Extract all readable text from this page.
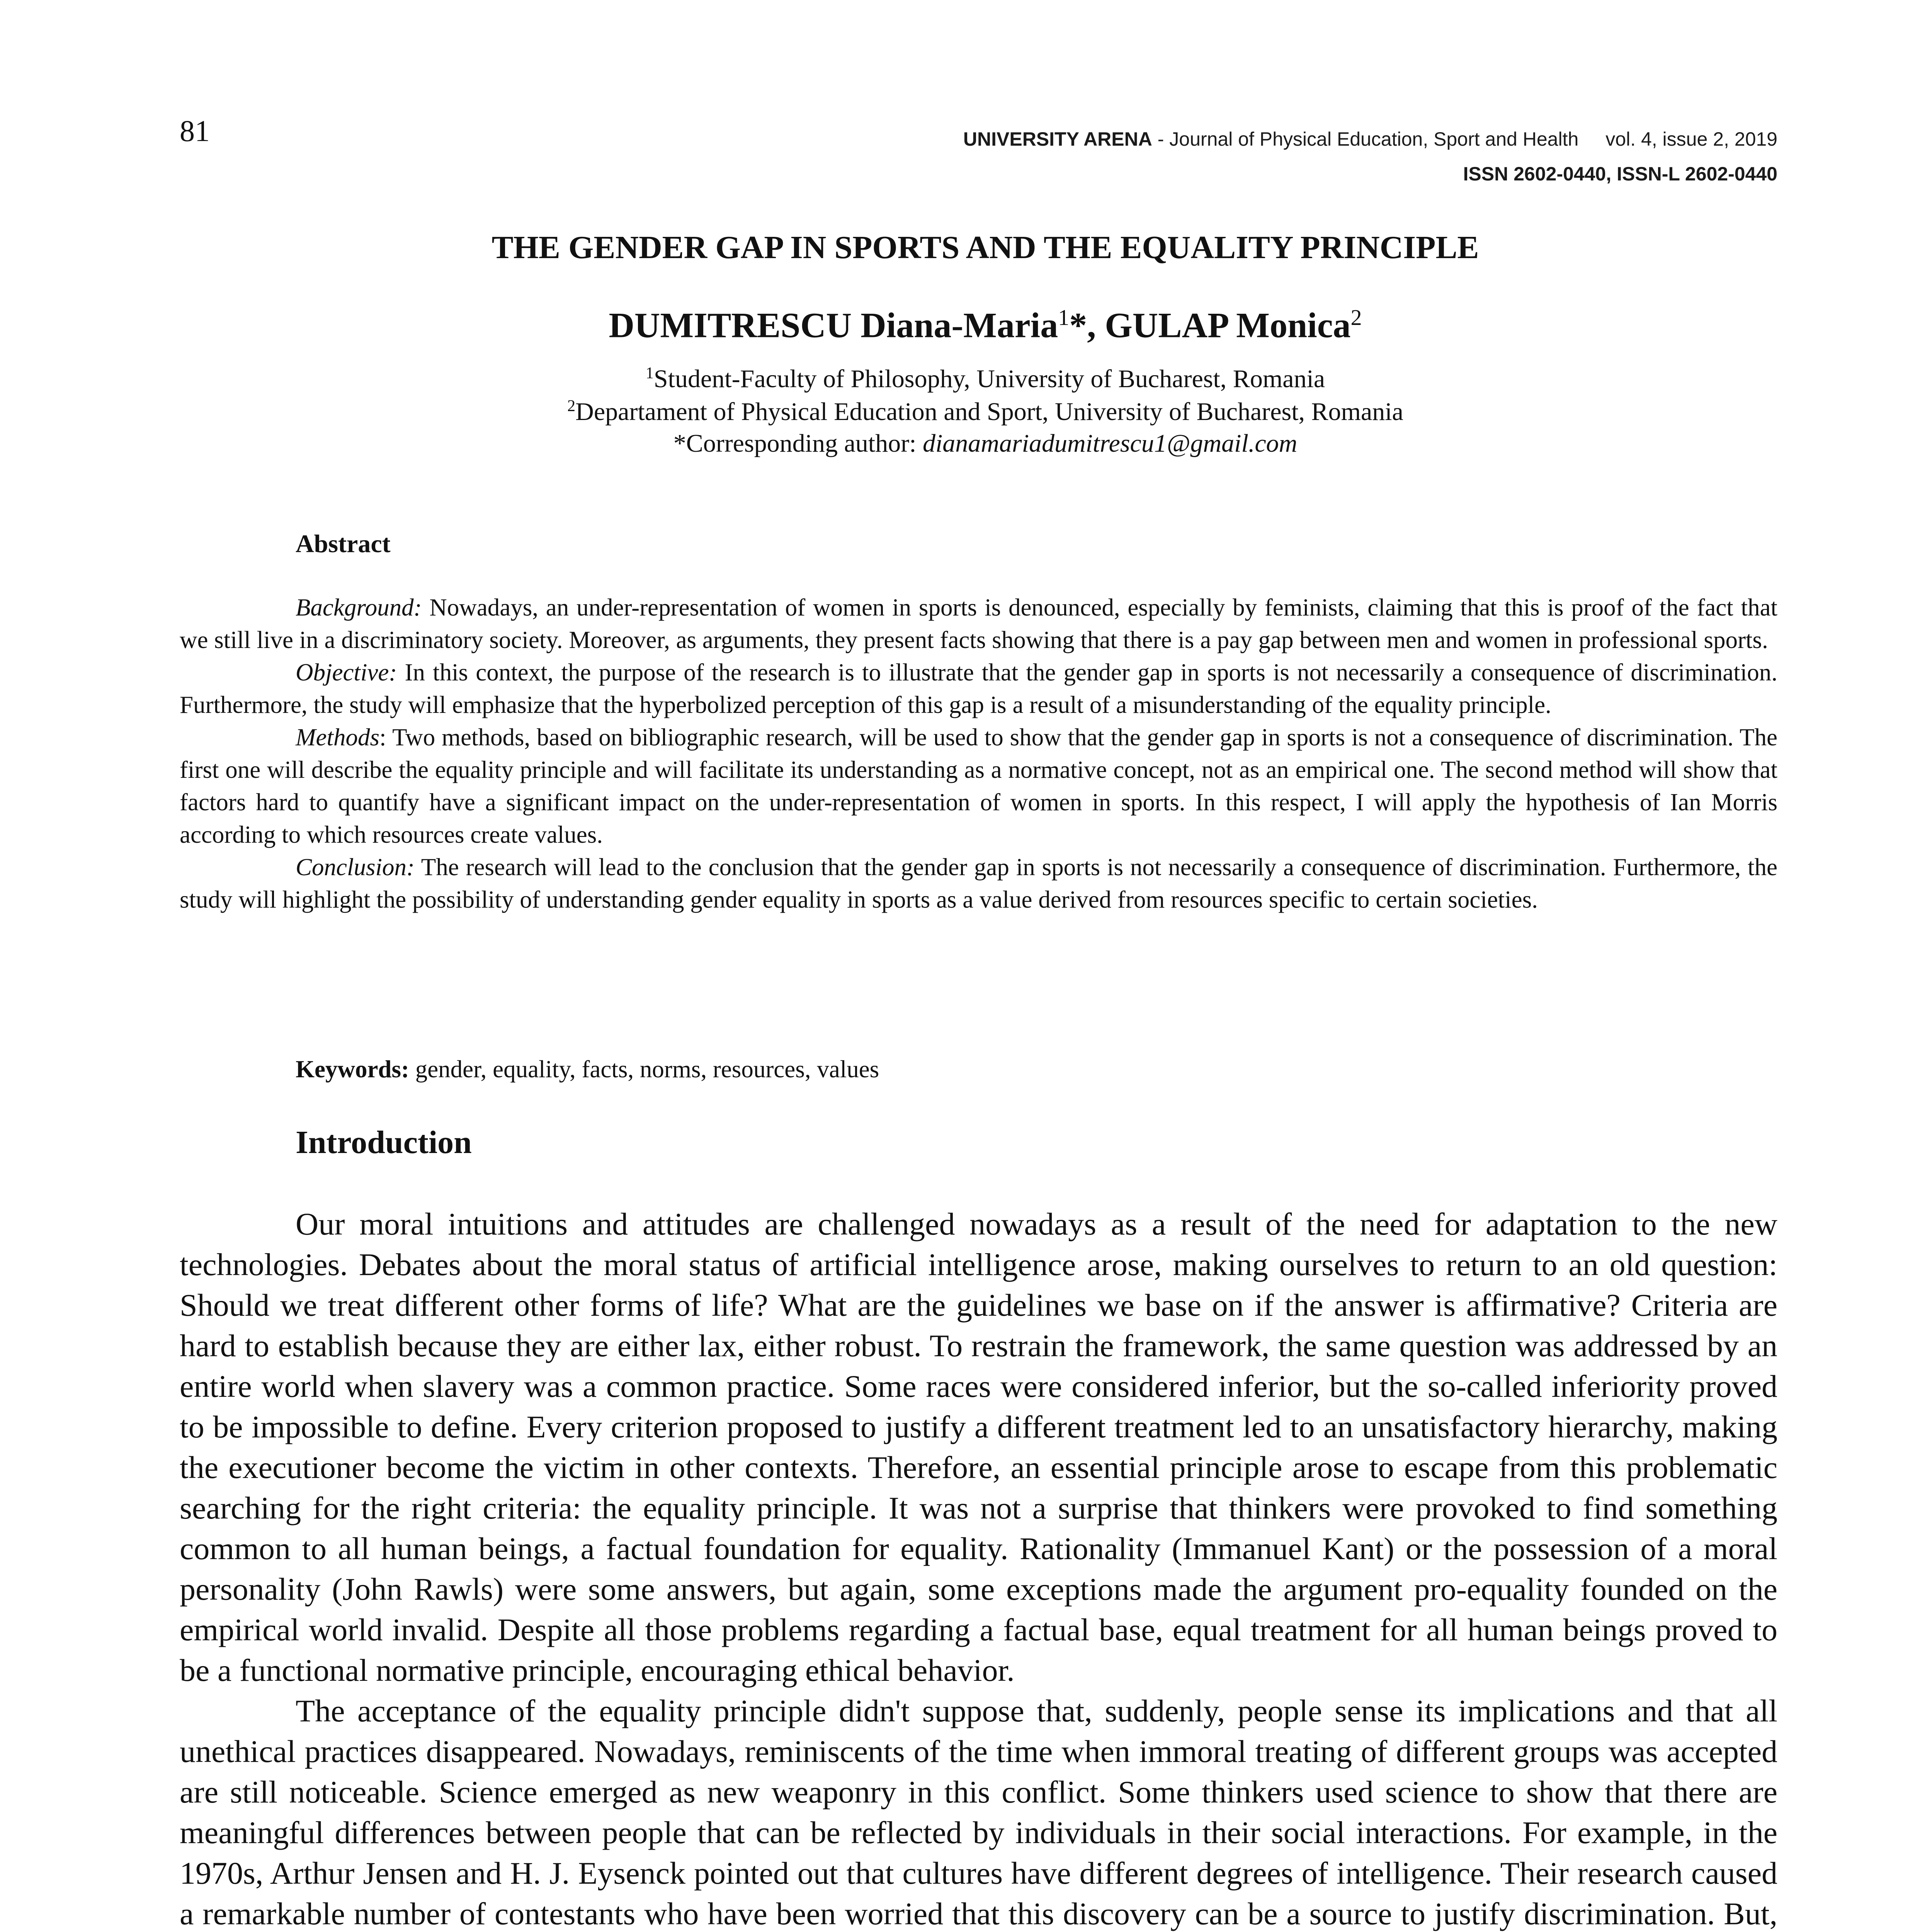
81	UNIVERSITY ARENA - Journal of Physical Education, Sport and Health vol. 4, issue 2, 2019
ISSN 2602-0440, ISSN-L 2602-0440
THE GENDER GAP IN SPORTS AND THE EQUALITY PRINCIPLE
DUMITRESCU Diana-Maria$^1$*, GULAP Monica$^2$
$^1$Student-Faculty of Philosophy, University of Bucharest, Romania
$^2$Departament of Physical Education and Sport, University of Bucharest, Romania
*Corresponding author: dianamariadumitrescu1@gmail.com
Abstract

Background: Nowadays, an under-representation of women in sports is denounced, especially by feminists, claiming that this is proof of the fact that we still live in a discriminatory society. Moreover, as arguments, they present facts showing that there is a pay gap between men and women in professional sports.

Objective: In this context, the purpose of the research is to illustrate that the gender gap in sports is not necessarily a consequence of discrimination. Furthermore, the study will emphasize that the hyperbolized perception of this gap is a result of a misunderstanding of the equality principle.

Methods: Two methods, based on bibliographic research, will be used to show that the gender gap in sports is not a consequence of discrimination. The first one will describe the equality principle and will facilitate its understanding as a normative concept, not as an empirical one. The second method will show that factors hard to quantify have a significant impact on the under-representation of women in sports. In this respect, I will apply the hypothesis of Ian Morris according to which resources create values.

Conclusion: The research will lead to the conclusion that the gender gap in sports is not necessarily a consequence of discrimination. Furthermore, the study will highlight the possibility of understanding gender equality in sports as a value derived from resources specific to certain societies.

Keywords: gender, equality, facts, norms, resources, values
Introduction

Our moral intuitions and attitudes are challenged nowadays as a result of the need for adaptation to the new technologies. Debates about the moral status of artificial intelligence arose, making ourselves to return to an old question: Should we treat different other forms of life? What are the guidelines we base on if the answer is affirmative? Criteria are hard to establish because they are either lax, either robust. To restrain the framework, the same question was addressed by an entire world when slavery was a common practice. Some races were considered inferior, but the so-called inferiority proved to be impossible to define. Every criterion proposed to justify a different treatment led to an unsatisfactory hierarchy, making the executioner become the victim in other contexts. Therefore, an essential principle arose to escape from this problematic searching for the right criteria: the equality principle. It was not a surprise that thinkers were provoked to find something common to all human beings, a factual foundation for equality. Rationality (Immanuel Kant) or the possession of a moral personality (John Rawls) were some answers, but again, some exceptions made the argument pro-equality founded on the empirical world invalid. Despite all those problems regarding a factual base, equal treatment for all human beings proved to be a functional normative principle, encouraging ethical behavior.

The acceptance of the equality principle didn't suppose that, suddenly, people sense its implications and that all unethical practices disappeared. Nowadays, reminiscents of the time when immoral treating of different groups was accepted are still noticeable. Science emerged as new weaponry in this conflict. Some thinkers used science to show that there are meaningful differences between people that can be reflected by individuals in their social interactions. For example, in the 1970s, Arthur Jensen and H. J. Eysenck pointed out that cultures have different degrees of intelligence. Their research caused a remarkable number of contestants who have been worried that this discovery can be a source to justify discrimination. But,
